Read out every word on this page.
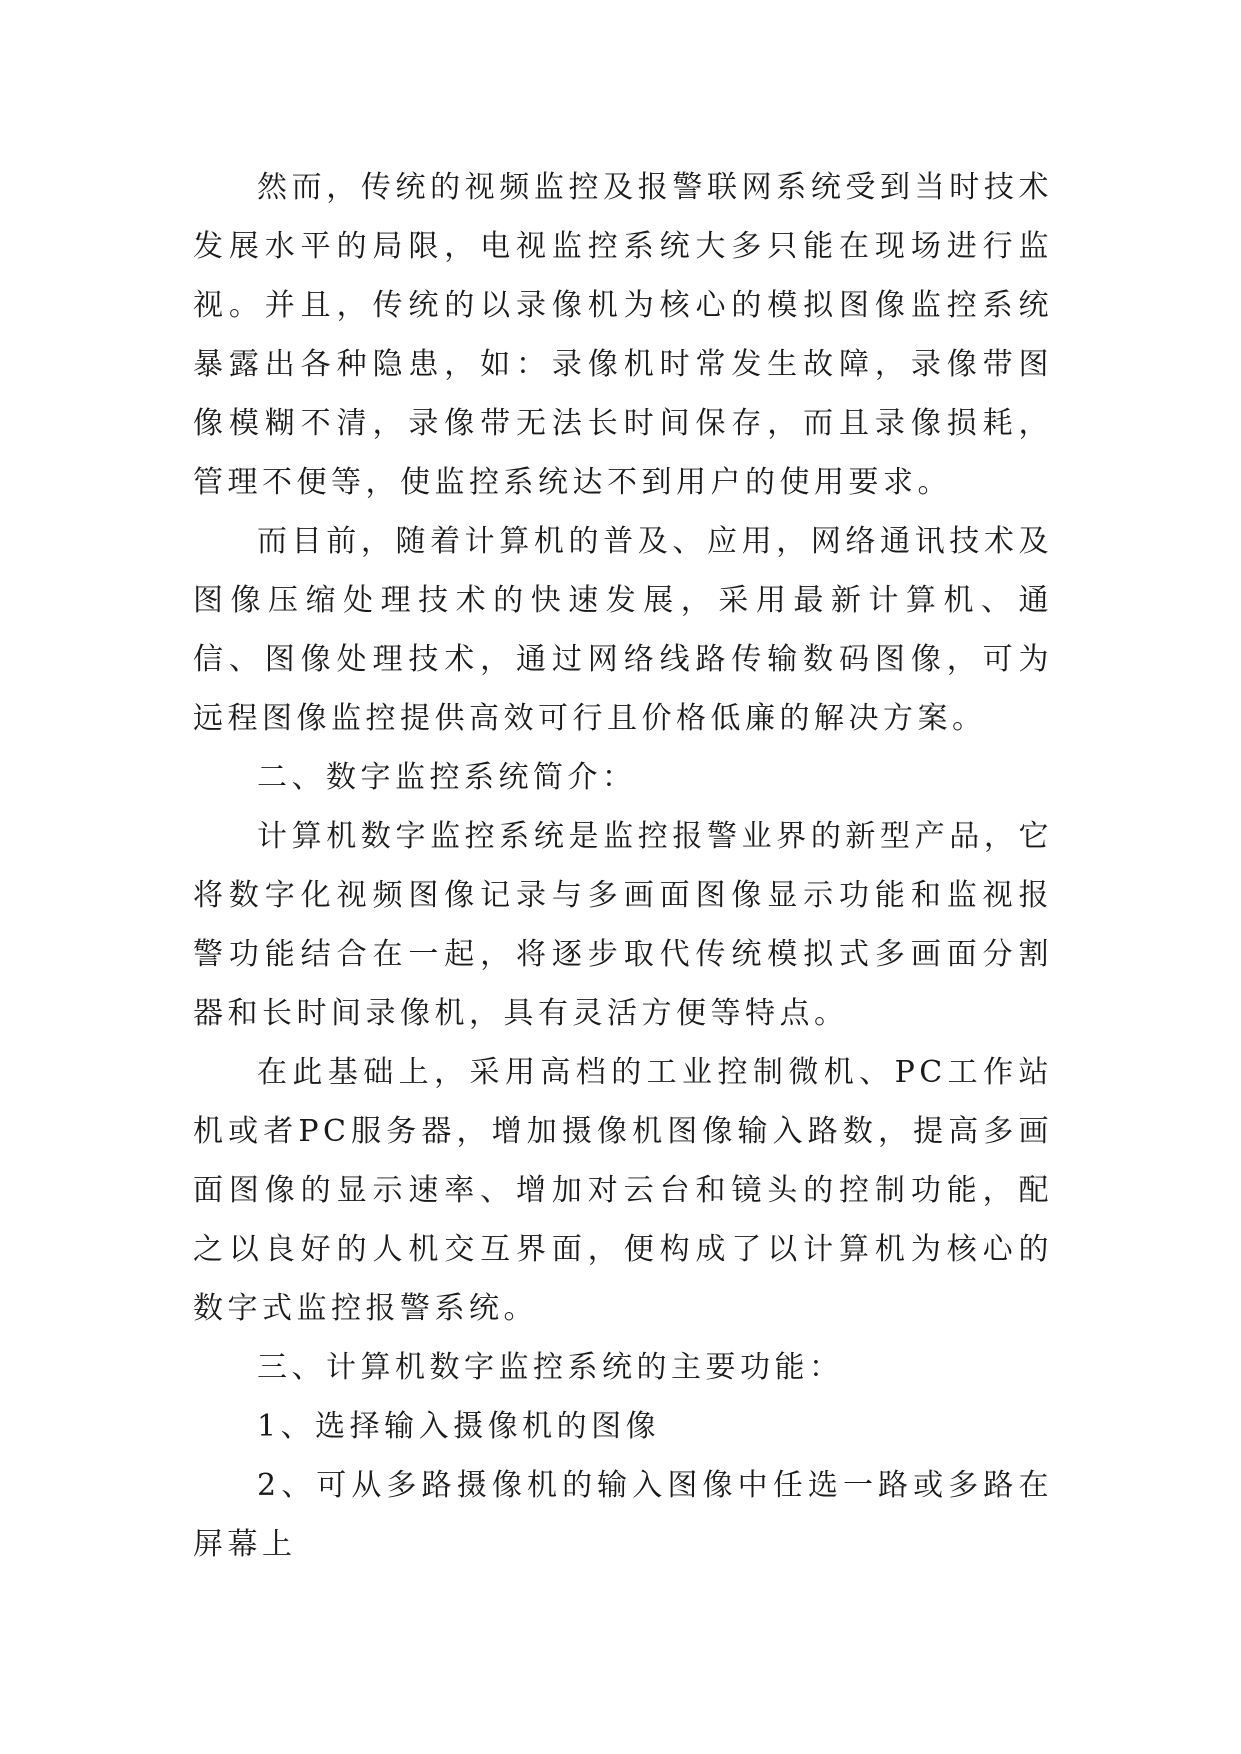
然而，传统的视频监控及报警联网系统受到当时技术发展水平的局限，电视监控系统大多只能在现场进行监视。并且，传统的以录像机为核心的模拟图像监控系统暴露出各种隐患，如：录像机时常发生故障，录像带图像模糊不清，录像带无法长时间保存，而且录像损耗，管理不便等，使监控系统达不到用户的使用要求。

而目前，随着计算机的普及、应用，网络通讯技术及图像压缩处理技术的快速发展，采用最新计算机、通信、图像处理技术，通过网络线路传输数码图像，可为远程图像监控提供高效可行且价格低廉的解决方案。

二、数字监控系统简介：

计算机数字监控系统是监控报警业界的新型产品，它将数字化视频图像记录与多画面图像显示功能和监视报警功能结合在一起，将逐步取代传统模拟式多画面分割器和长时间录像机，具有灵活方便等特点。

在此基础上，采用高档的工业控制微机、PC工作站机或者PC服务器，增加摄像机图像输入路数，提高多画面图像的显示速率、增加对云台和镜头的控制功能，配之以良好的人机交互界面，便构成了以计算机为核心的数字式监控报警系统。

三、计算机数字监控系统的主要功能：

1、选择输入摄像机的图像

2、可从多路摄像机的输入图像中任选一路或多路在屏幕上
